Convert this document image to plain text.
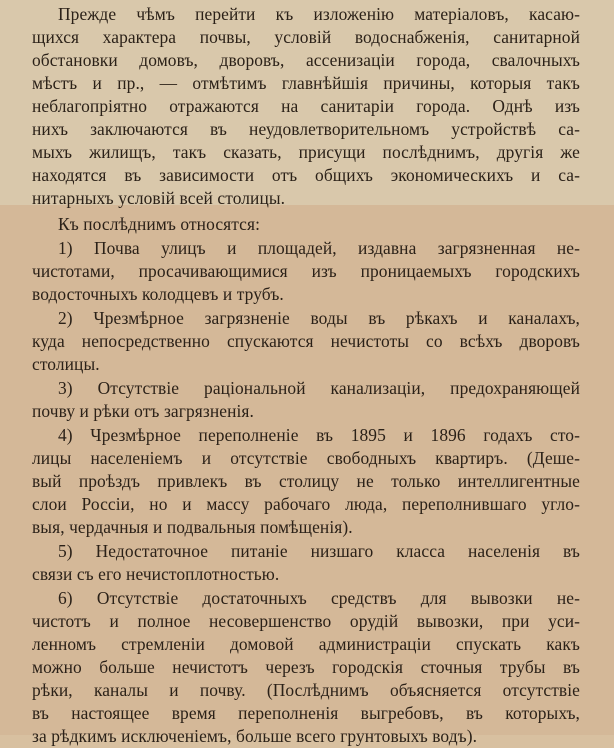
Прежде чѣмъ перейти къ изложенію матеріаловъ, касаю-
щихся характера почвы, условій водоснабженія, санитарной
обстановки домовъ, дворовъ, ассенизаціи города, свалочныхъ
мѣстъ и пр., — отмѣтимъ главнѣйшія причины, которыя такъ
неблагопріятно отражаются на санитаріи города. Однѣ изъ
нихъ заключаются въ неудовлетворительномъ устройствѣ са-
мыхъ жилищъ, такъ сказать, присущи послѣднимъ, другія же
находятся въ зависимости отъ общихъ экономическихъ и са-
нитарныхъ условій всей столицы.
Къ послѣднимъ относятся:
1) Почва улицъ и площадей, издавна загрязненная не-
чистотами, просачивающимися изъ проницаемыхъ городскихъ
водосточныхъ колодцевъ и трубъ.
2) Чрезмѣрное загрязненіе воды въ рѣкахъ и каналахъ,
куда непосредственно спускаются нечистоты со всѣхъ дворовъ
столицы.
3) Отсутствіе раціональной канализаціи, предохраняющей
почву и рѣки отъ загрязненія.
4) Чрезмѣрное переполненіе въ 1895 и 1896 годахъ сто-
лицы населеніемъ и отсутствіе свободныхъ квартиръ. (Деше-
вый проѣздъ привлекъ въ столицу не только интеллигентные
слои Россіи, но и массу рабочаго люда, переполнившаго угло-
выя, чердачныя и подвальныя помѣщенія).
5) Недостаточное питаніе низшаго класса населенія въ
связи съ его нечистоплотностью.
6) Отсутствіе достаточныхъ средствъ для вывозки не-
чистотъ и полное несовершенство орудій вывозки, при уси-
ленномъ стремленіи домовой администраціи спускать какъ
можно больше нечистотъ черезъ городскія сточныя трубы въ
рѣки, каналы и почву. (Послѣднимъ объясняется отсутствіе
въ настоящее время переполненія выгребовъ, въ которыхъ,
за рѣдкимъ исключеніемъ, больше всего грунтовыхъ водъ).
